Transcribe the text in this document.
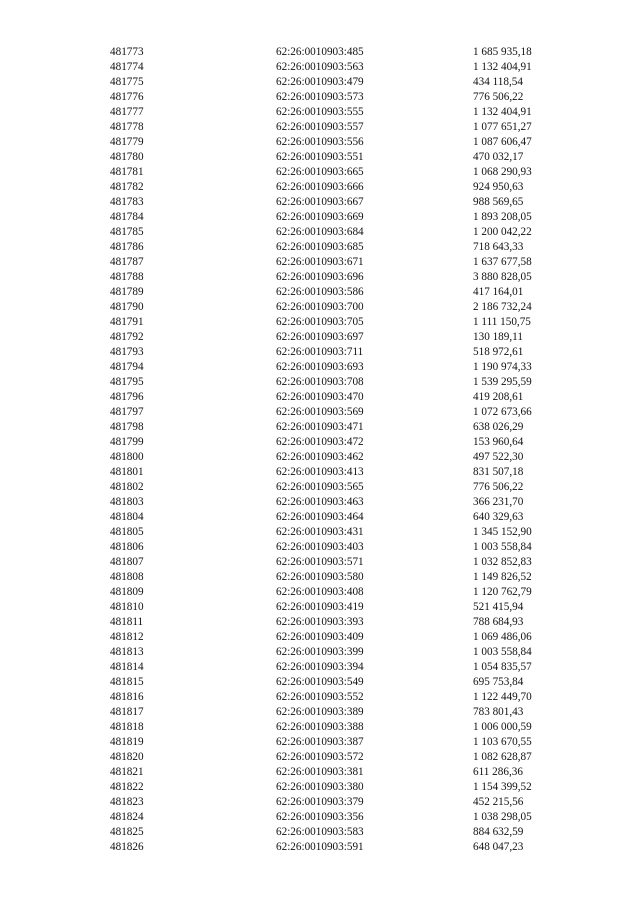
481773	62:26:0010903:485	1 685 935,18
481774	62:26:0010903:563	1 132 404,91
481775	62:26:0010903:479	434 118,54
481776	62:26:0010903:573	776 506,22
481777	62:26:0010903:555	1 132 404,91
481778	62:26:0010903:557	1 077 651,27
481779	62:26:0010903:556	1 087 606,47
481780	62:26:0010903:551	470 032,17
481781	62:26:0010903:665	1 068 290,93
481782	62:26:0010903:666	924 950,63
481783	62:26:0010903:667	988 569,65
481784	62:26:0010903:669	1 893 208,05
481785	62:26:0010903:684	1 200 042,22
481786	62:26:0010903:685	718 643,33
481787	62:26:0010903:671	1 637 677,58
481788	62:26:0010903:696	3 880 828,05
481789	62:26:0010903:586	417 164,01
481790	62:26:0010903:700	2 186 732,24
481791	62:26:0010903:705	1 111 150,75
481792	62:26:0010903:697	130 189,11
481793	62:26:0010903:711	518 972,61
481794	62:26:0010903:693	1 190 974,33
481795	62:26:0010903:708	1 539 295,59
481796	62:26:0010903:470	419 208,61
481797	62:26:0010903:569	1 072 673,66
481798	62:26:0010903:471	638 026,29
481799	62:26:0010903:472	153 960,64
481800	62:26:0010903:462	497 522,30
481801	62:26:0010903:413	831 507,18
481802	62:26:0010903:565	776 506,22
481803	62:26:0010903:463	366 231,70
481804	62:26:0010903:464	640 329,63
481805	62:26:0010903:431	1 345 152,90
481806	62:26:0010903:403	1 003 558,84
481807	62:26:0010903:571	1 032 852,83
481808	62:26:0010903:580	1 149 826,52
481809	62:26:0010903:408	1 120 762,79
481810	62:26:0010903:419	521 415,94
481811	62:26:0010903:393	788 684,93
481812	62:26:0010903:409	1 069 486,06
481813	62:26:0010903:399	1 003 558,84
481814	62:26:0010903:394	1 054 835,57
481815	62:26:0010903:549	695 753,84
481816	62:26:0010903:552	1 122 449,70
481817	62:26:0010903:389	783 801,43
481818	62:26:0010903:388	1 006 000,59
481819	62:26:0010903:387	1 103 670,55
481820	62:26:0010903:572	1 082 628,87
481821	62:26:0010903:381	611 286,36
481822	62:26:0010903:380	1 154 399,52
481823	62:26:0010903:379	452 215,56
481824	62:26:0010903:356	1 038 298,05
481825	62:26:0010903:583	884 632,59
481826	62:26:0010903:591	648 047,23
